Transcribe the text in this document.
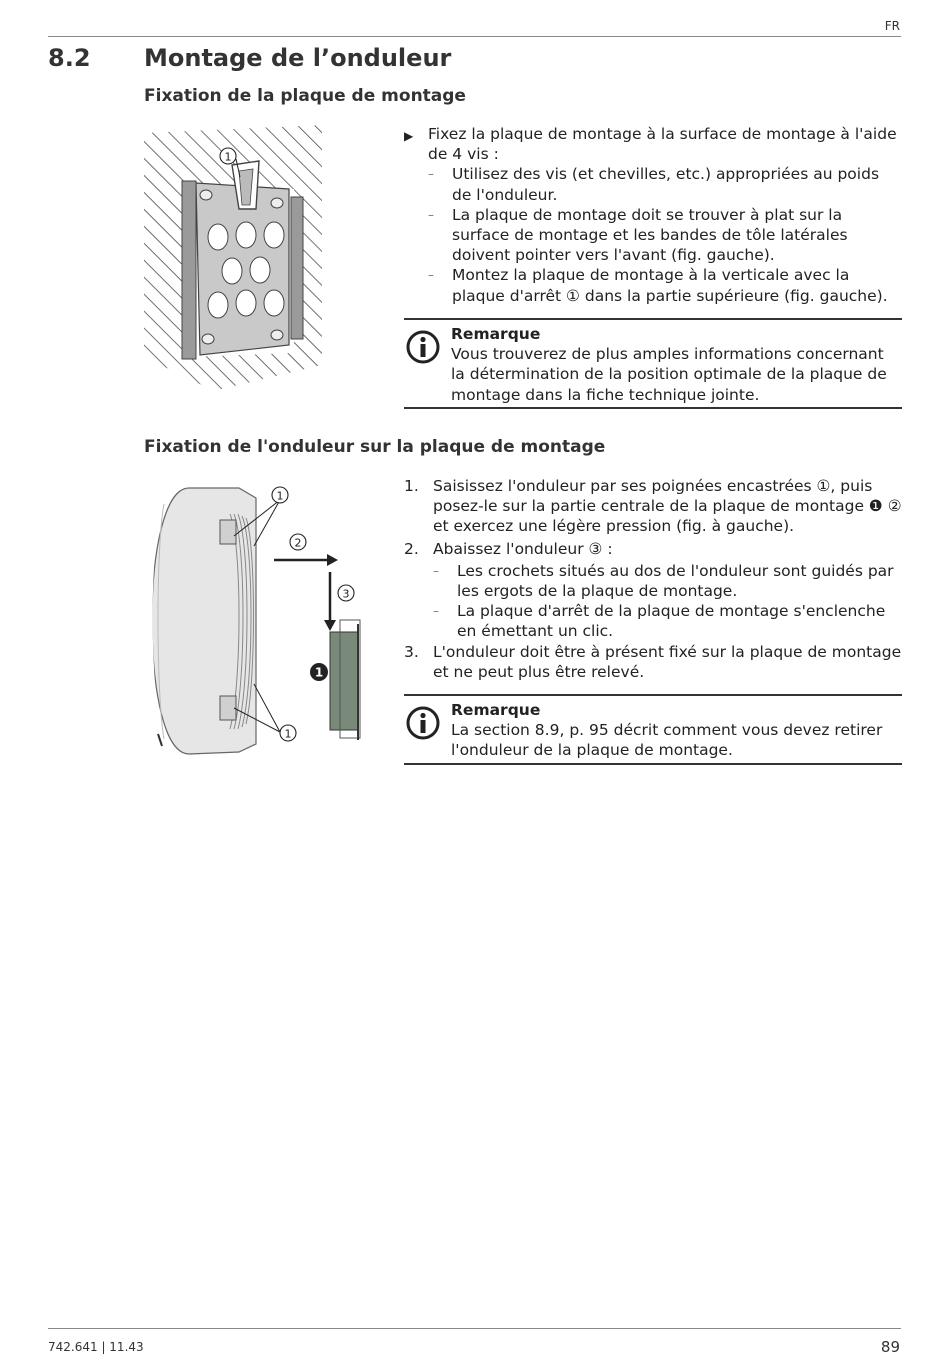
FR
8.2 Montage de l’onduleur
Fixation de la plaque de montage
1
▶ Fixez la plaque de montage à la surface de montage à l'aide de 4 vis :
–	Utilisez des vis (et chevilles, etc.) appropriées au poids de l'onduleur.
–	La plaque de montage doit se trouver à plat sur la surface de montage et les bandes de tôle latérales doivent pointer vers l'avant (fig. gauche).
–	Montez la plaque de montage à la verticale avec la plaque d'arrêt ① dans la partie supérieure (fig. gauche).
Remarque
Vous trouverez de plus amples informations concernant la détermination de la position optimale de la plaque de montage dans la fiche technique jointe.
Fixation de l'onduleur sur la plaque de montage
1
1
2
3
1
1. Saisissez l'onduleur par ses poignées encastrées ①, puis posez-le sur la partie centrale de la plaque de montage ❶ ② et exercez une légère pression (fig. à gauche).
2. Abaissez l'onduleur ③ :
–	Les crochets situés au dos de l'onduleur sont guidés par les ergots de la plaque de montage.
–	La plaque d'arrêt de la plaque de montage s'enclenche en émettant un clic.
3. L'onduleur doit être à présent fixé sur la plaque de montage et ne peut plus être relevé.
Remarque
La section 8.9, p. 95 décrit comment vous devez retirer l'onduleur de la plaque de montage.
742.641 | 11.43	89
